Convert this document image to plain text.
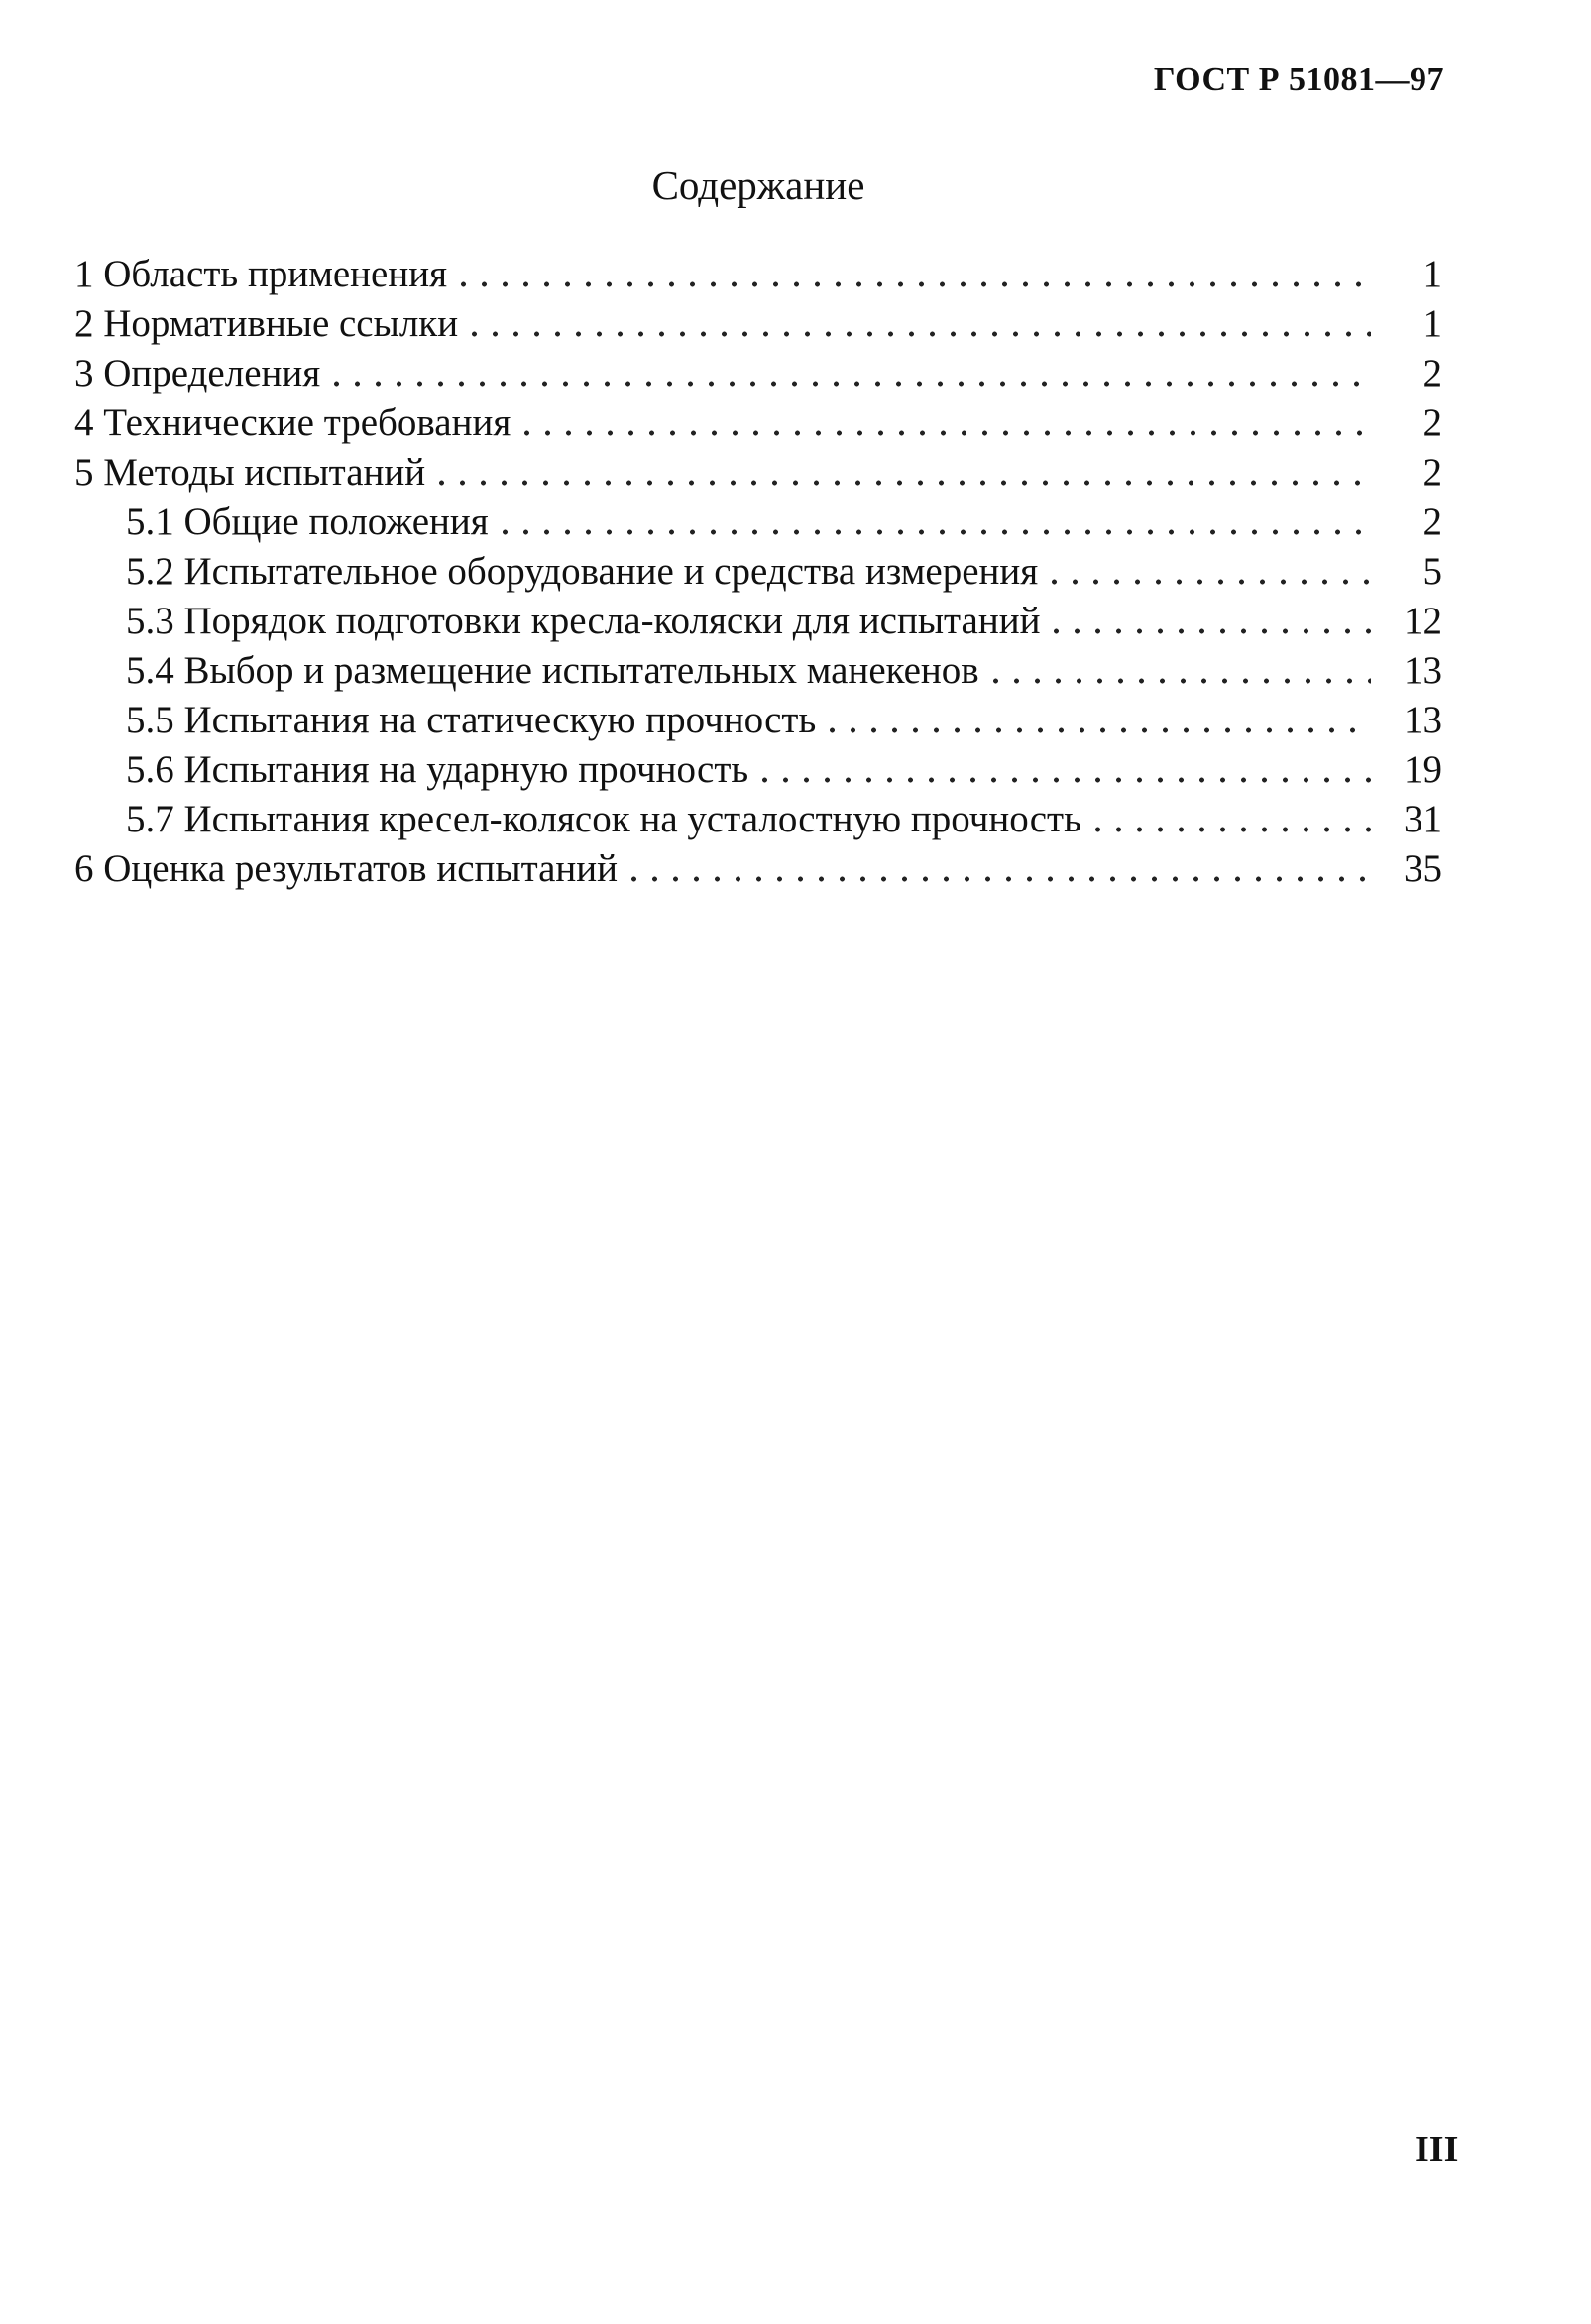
ГОСТ Р 51081—97
Содержание
1 Область применения	1
2 Нормативные ссылки	1
3 Определения	2
4 Технические требования	2
5 Методы испытаний	2
5.1 Общие положения	2
5.2 Испытательное оборудование и средства измерения	5
5.3 Порядок подготовки кресла-коляски для испытаний	12
5.4 Выбор и размещение испытательных манекенов	13
5.5 Испытания на статическую прочность	13
5.6 Испытания на ударную прочность	19
5.7 Испытания кресел-колясок на усталостную прочность	31
6 Оценка результатов испытаний	35
III
